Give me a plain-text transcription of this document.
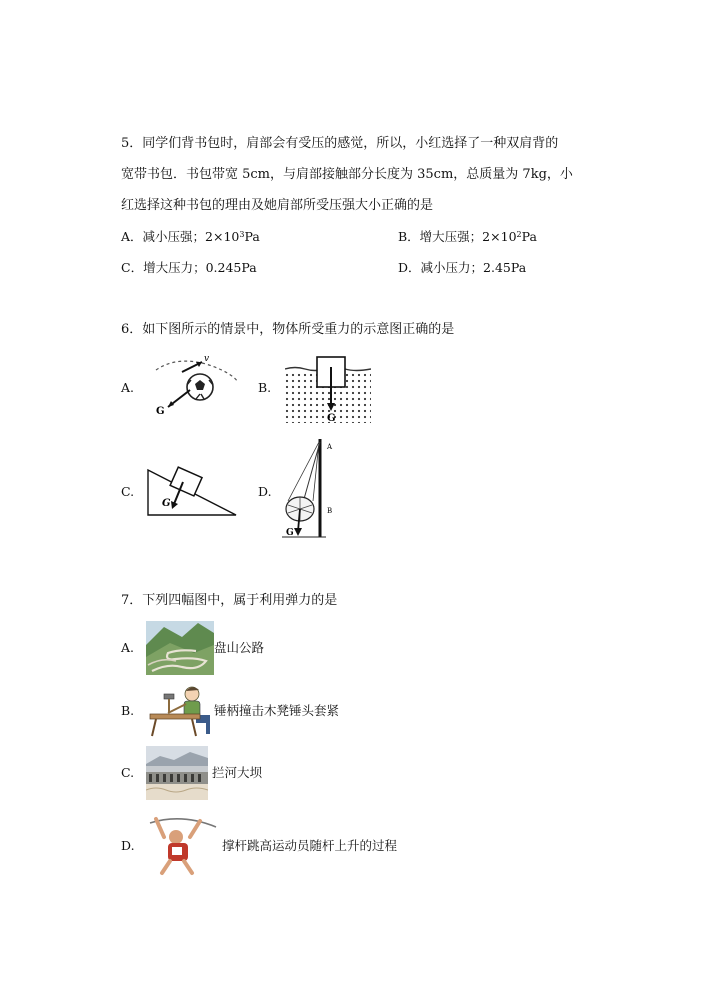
5．同学们背书包时，肩部会有受压的感觉，所以，小红选择了一种双肩背的
宽带书包．书包带宽 5cm，与肩部接触部分长度为 35cm，总质量为 7kg，小
红选择这种书包的理由及她肩部所受压强大小正确的是
A．减小压强；$2\times 10^3Pa$	B．增大压强；$2\times 10^2Pa$
C．增大压力；0.245Pa	D．减小压力；2.45Pa
6．如下图所示的情景中，物体所受重力的示意图正确的是
A.
v
G
B.
G
C.
G
D.
A
B
G
7．下列四幅图中，属于利用弹力的是
A.	盘山公路
B.	锤柄撞击木凳锤头套紧
C.	拦河大坝
D.	撑杆跳高运动员随杆上升的过程
